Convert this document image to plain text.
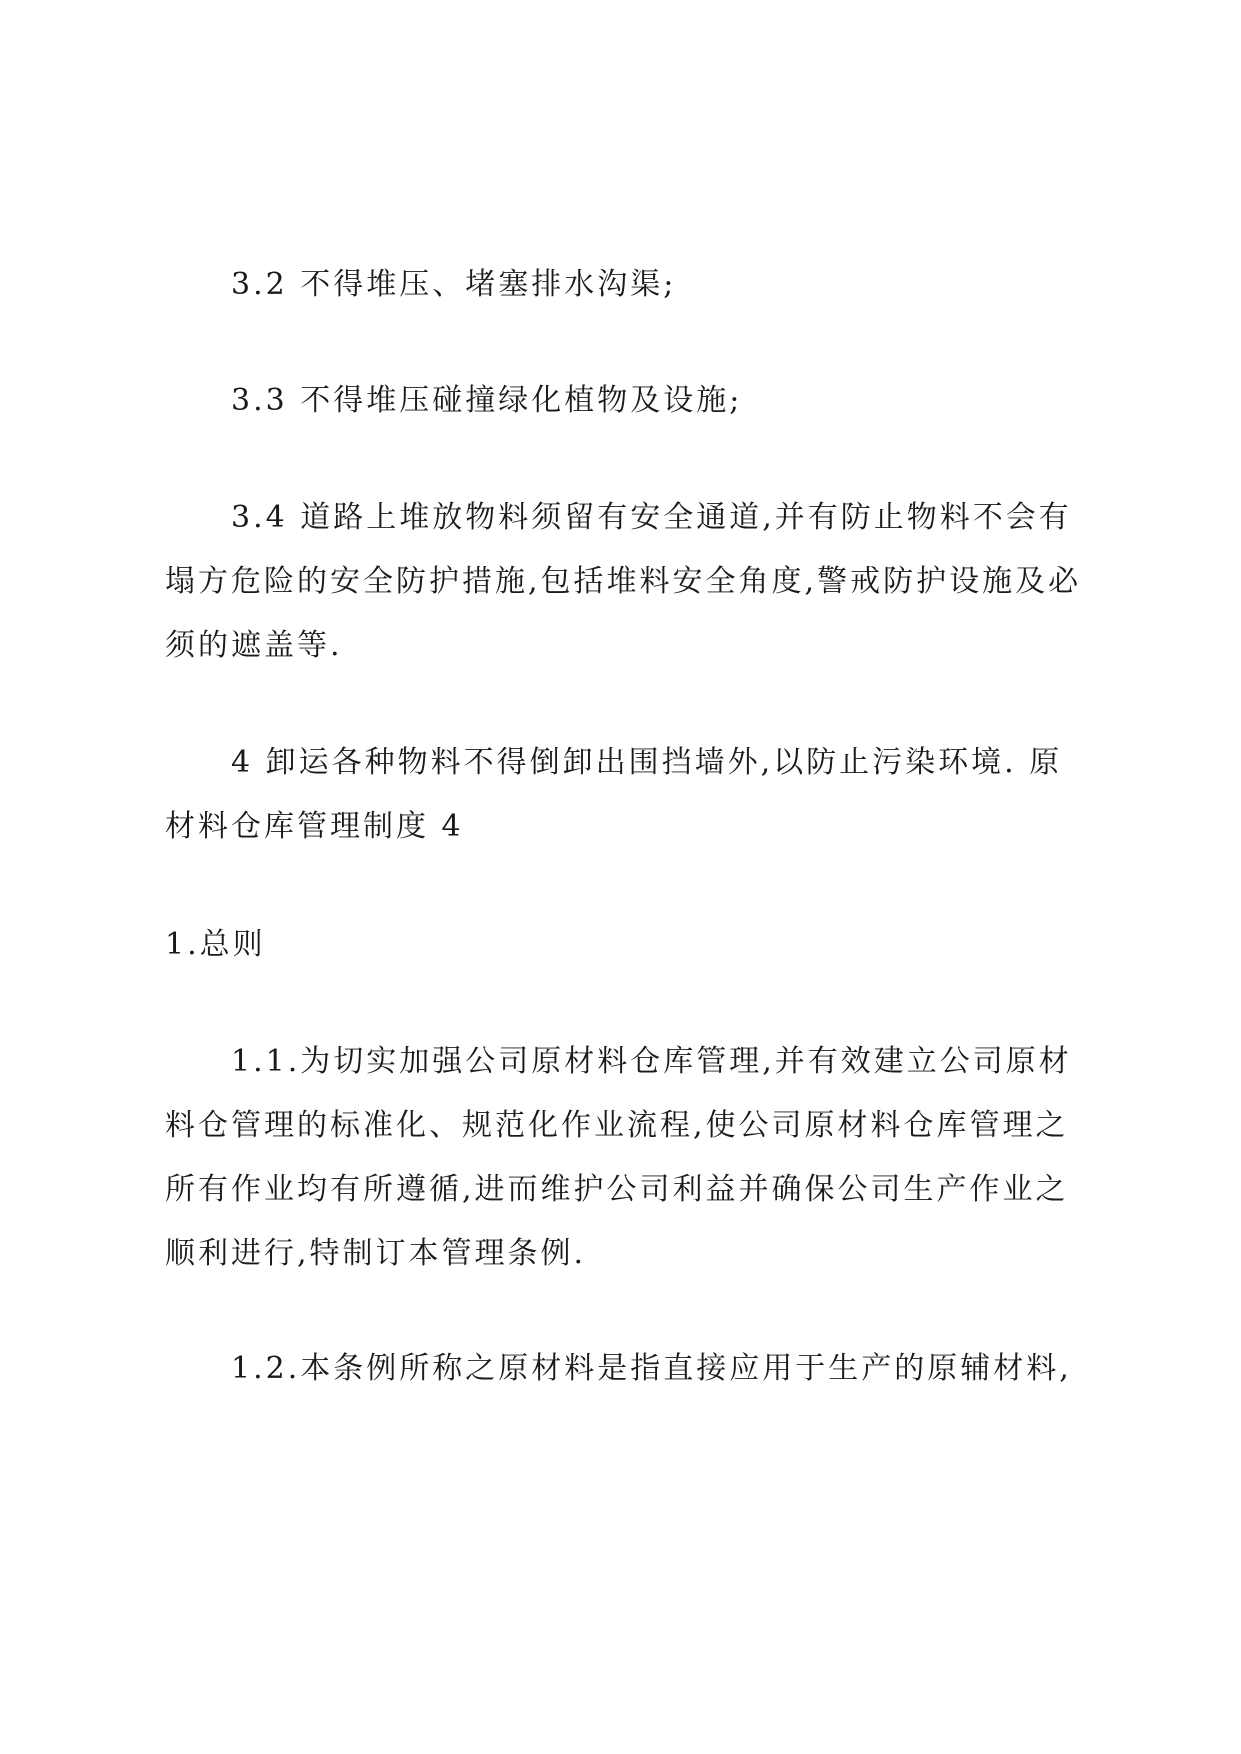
3.2 不得堆压、堵塞排水沟渠;
3.3 不得堆压碰撞绿化植物及设施;
3.4 道路上堆放物料须留有安全通道,并有防止物料不会有
塌方危险的安全防护措施,包括堆料安全角度,警戒防护设施及必
须的遮盖等.
4 卸运各种物料不得倒卸出围挡墙外,以防止污染环境. 原
材料仓库管理制度 4
1.总则
1.1.为切实加强公司原材料仓库管理,并有效建立公司原材
料仓管理的标准化、规范化作业流程,使公司原材料仓库管理之
所有作业均有所遵循,进而维护公司利益并确保公司生产作业之
顺利进行,特制订本管理条例.
1.2.本条例所称之原材料是指直接应用于生产的原辅材料,
